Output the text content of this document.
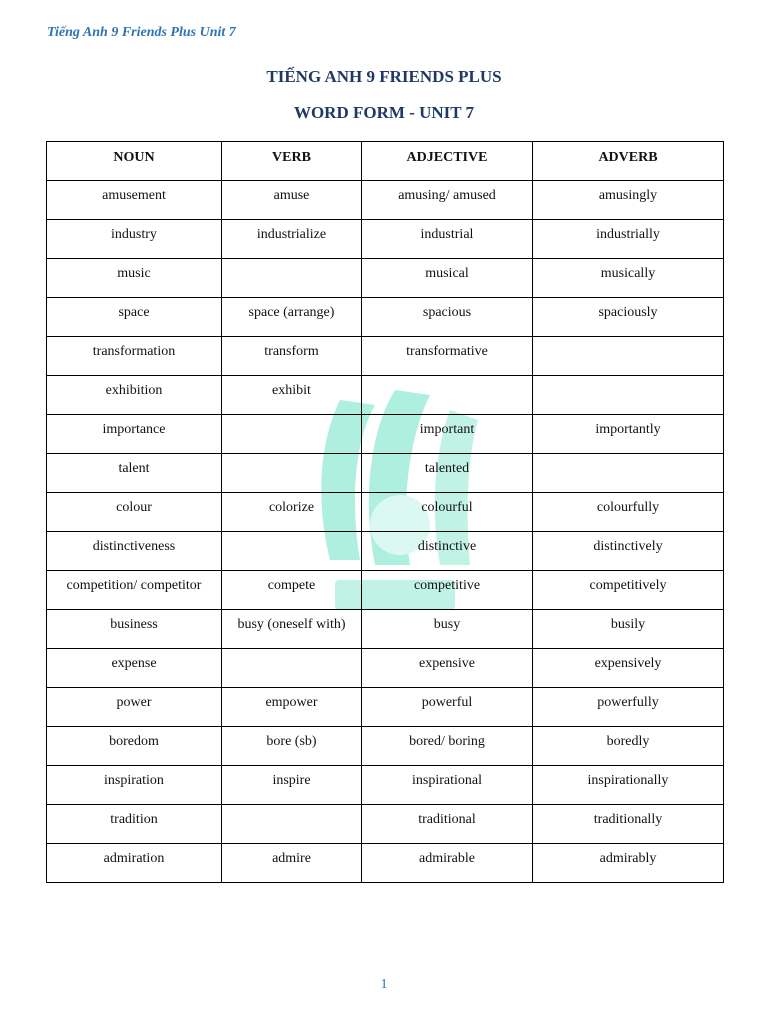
Tiếng Anh 9 Friends Plus Unit 7
TIẾNG ANH 9 FRIENDS PLUS
WORD FORM - UNIT 7
NOUN	VERB	ADJECTIVE	ADVERB
amusement	amuse	amusing/ amused	amusingly
industry	industrialize	industrial	industrially
music		musical	musically
space	space (arrange)	spacious	spaciously
transformation	transform	transformative	
exhibition	exhibit		
importance		important	importantly
talent		talented	
colour	colorize	colourful	colourfully
distinctiveness		distinctive	distinctively
competition/ competitor	compete	competitive	competitively
business	busy (oneself with)	busy	busily
expense		expensive	expensively
power	empower	powerful	powerfully
boredom	bore (sb)	bored/ boring	boredly
inspiration	inspire	inspirational	inspirationally
tradition		traditional	traditionally
admiration	admire	admirable	admirably
1
